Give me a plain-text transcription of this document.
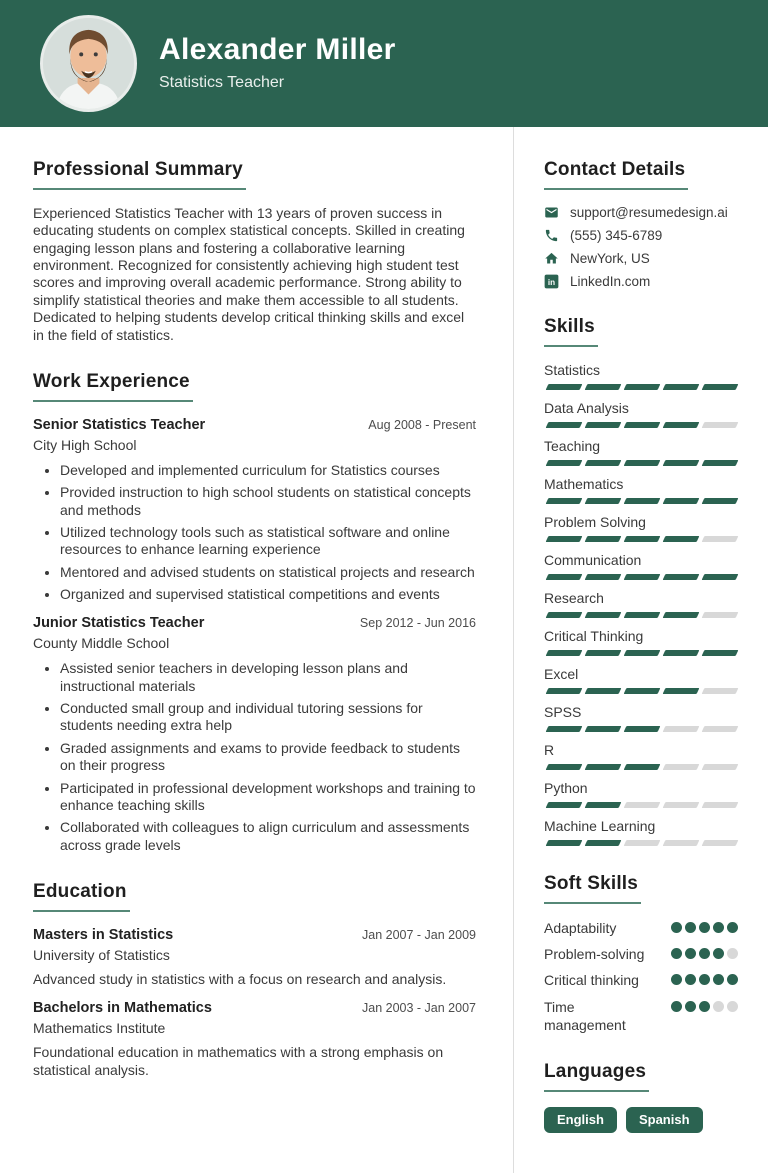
Alexander Miller
Statistics Teacher
Professional Summary

Experienced Statistics Teacher with 13 years of proven success in educating students on complex statistical concepts. Skilled in creating engaging lesson plans and fostering a collaborative learning environment. Recognized for consistently achieving high student test scores and improving overall academic performance. Strong ability to simplify statistical theories and make them accessible to all students. Dedicated to helping students develop critical thinking skills and excel in the field of statistics.

Work Experience
Senior Statistics Teacher	Aug 2008 - Present
City High School
• Developed and implemented curriculum for Statistics courses
• Provided instruction to high school students on statistical concepts and methods
• Utilized technology tools such as statistical software and online resources to enhance learning experience
• Mentored and advised students on statistical projects and research
• Organized and supervised statistical competitions and events
Junior Statistics Teacher	Sep 2012 - Jun 2016
County Middle School
• Assisted senior teachers in developing lesson plans and instructional materials
• Conducted small group and individual tutoring sessions for students needing extra help
• Graded assignments and exams to provide feedback to students on their progress
• Participated in professional development workshops and training to enhance teaching skills
• Collaborated with colleagues to align curriculum and assessments across grade levels
Education
Masters in Statistics	Jan 2007 - Jan 2009
University of Statistics

Advanced study in statistics with a focus on research and analysis.

Bachelors in Mathematics	Jan 2003 - Jan 2007
Mathematics Institute

Foundational education in mathematics with a strong emphasis on statistical analysis.

Contact Details
support@resumedesign.ai
(555) 345-6789
NewYork, US
in LinkedIn.com
Skills
Statistics
Data Analysis
Teaching
Mathematics
Problem Solving
Communication
Research
Critical Thinking
Excel
SPSS
R
Python
Machine Learning
Soft Skills
Adaptability
Problem-solving
Critical thinking
Time management
Languages
English	Spanish
